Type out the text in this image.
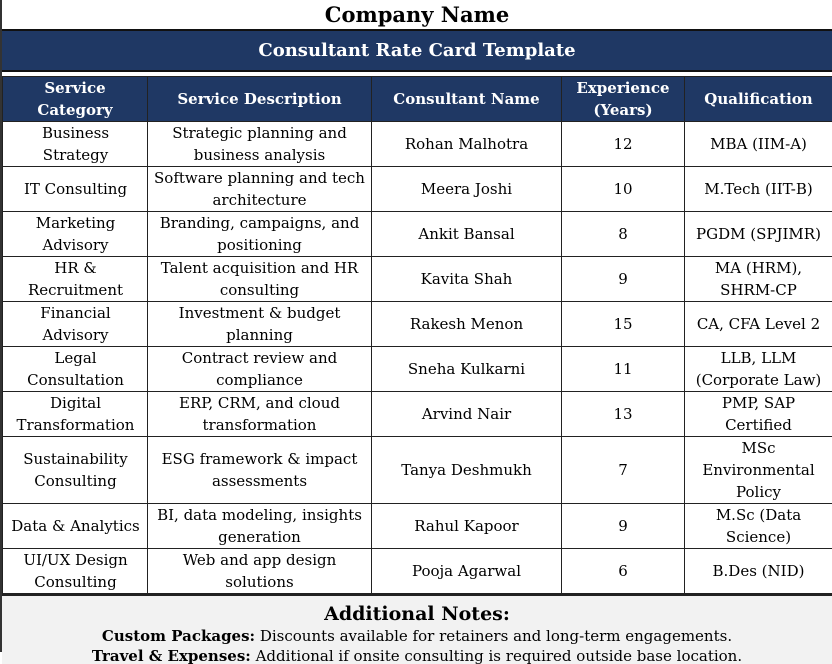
Company Name
Consultant Rate Card Template
Service Category	Service Description	Consultant Name	Experience (Years)	Qualification
Business Strategy	Strategic planning and business analysis	Rohan Malhotra	12	MBA (IIM-A)
IT Consulting	Software planning and tech architecture	Meera Joshi	10	M.Tech (IIT-B)
Marketing Advisory	Branding, campaigns, and positioning	Ankit Bansal	8	PGDM (SPJIMR)
HR & Recruitment	Talent acquisition and HR consulting	Kavita Shah	9	MA (HRM), SHRM-CP
Financial Advisory	Investment & budget planning	Rakesh Menon	15	CA, CFA Level 2
Legal Consultation	Contract review and compliance	Sneha Kulkarni	11	LLB, LLM (Corporate Law)
Digital Transformation	ERP, CRM, and cloud transformation	Arvind Nair	13	PMP, SAP Certified
Sustainability Consulting	ESG framework & impact assessments	Tanya Deshmukh	7	MSc Environmental Policy
Data & Analytics	BI, data modeling, insights generation	Rahul Kapoor	9	M.Sc (Data Science)
UI/UX Design Consulting	Web and app design solutions	Pooja Agarwal	6	B.Des (NID)
Additional Notes:
Custom Packages: Discounts available for retainers and long-term engagements.
Travel & Expenses: Additional if onsite consulting is required outside base location.
